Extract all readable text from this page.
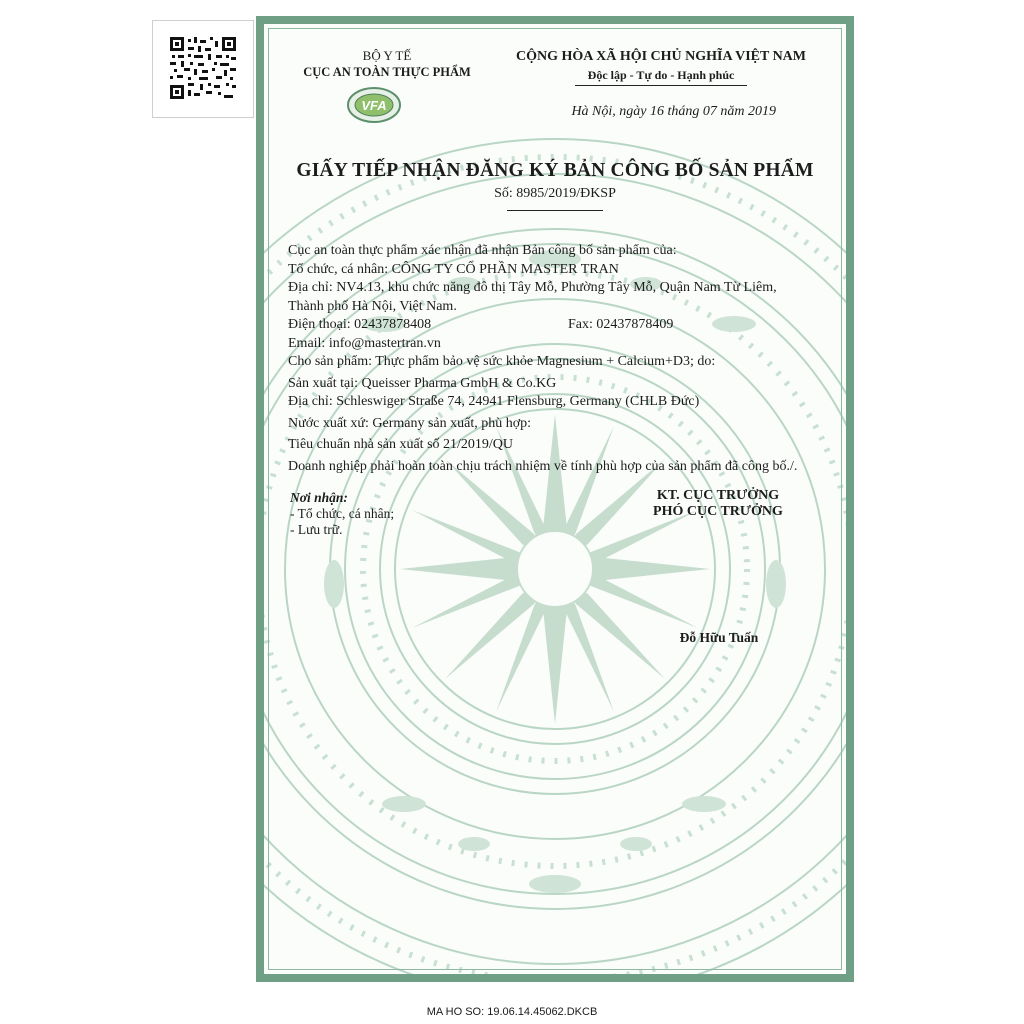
BỘ Y TẾ
CỤC AN TOÀN THỰC PHẨM
VFA
CỘNG HÒA XÃ HỘI CHỦ NGHĨA VIỆT NAM
Độc lập - Tự do - Hạnh phúc
Hà Nội, ngày 16 tháng 07 năm 2019
GIẤY TIẾP NHẬN ĐĂNG KÝ BẢN CÔNG BỐ SẢN PHẨM
Số: 8985/2019/ĐKSP
Cục an toàn thực phẩm xác nhận đã nhận Bản công bố sản phẩm của:
Tổ chức, cá nhân: CÔNG TY CỔ PHẦN MASTER TRAN
Địa chỉ: NV4.13, khu chức năng đô thị Tây Mỗ, Phường Tây Mỗ, Quận Nam Từ Liêm,
Thành phố Hà Nội, Việt Nam.
Điện thoại: 02437878408	Fax: 02437878409
Email: info@mastertran.vn
Cho sản phẩm: Thực phẩm bảo vệ sức khỏe Magnesium + Calcium+D3; do:
Sản xuất tại: Queisser Pharma GmbH & Co.KG
Địa chỉ: Schleswiger Straße 74, 24941 Flensburg, Germany (CHLB Đức)
Nước xuất xứ: Germany sản xuất, phù hợp:
Tiêu chuẩn nhà sản xuất số 21/2019/QU
Doanh nghiệp phải hoàn toàn chịu trách nhiệm về tính phù hợp của sản phẩm đã công bố./.
Nơi nhận:
- Tổ chức, cá nhân;
- Lưu trữ.
KT. CỤC TRƯỞNG
PHÓ CỤC TRƯỞNG
Đỗ Hữu Tuấn
MA HO SO: 19.06.14.45062.DKCB
